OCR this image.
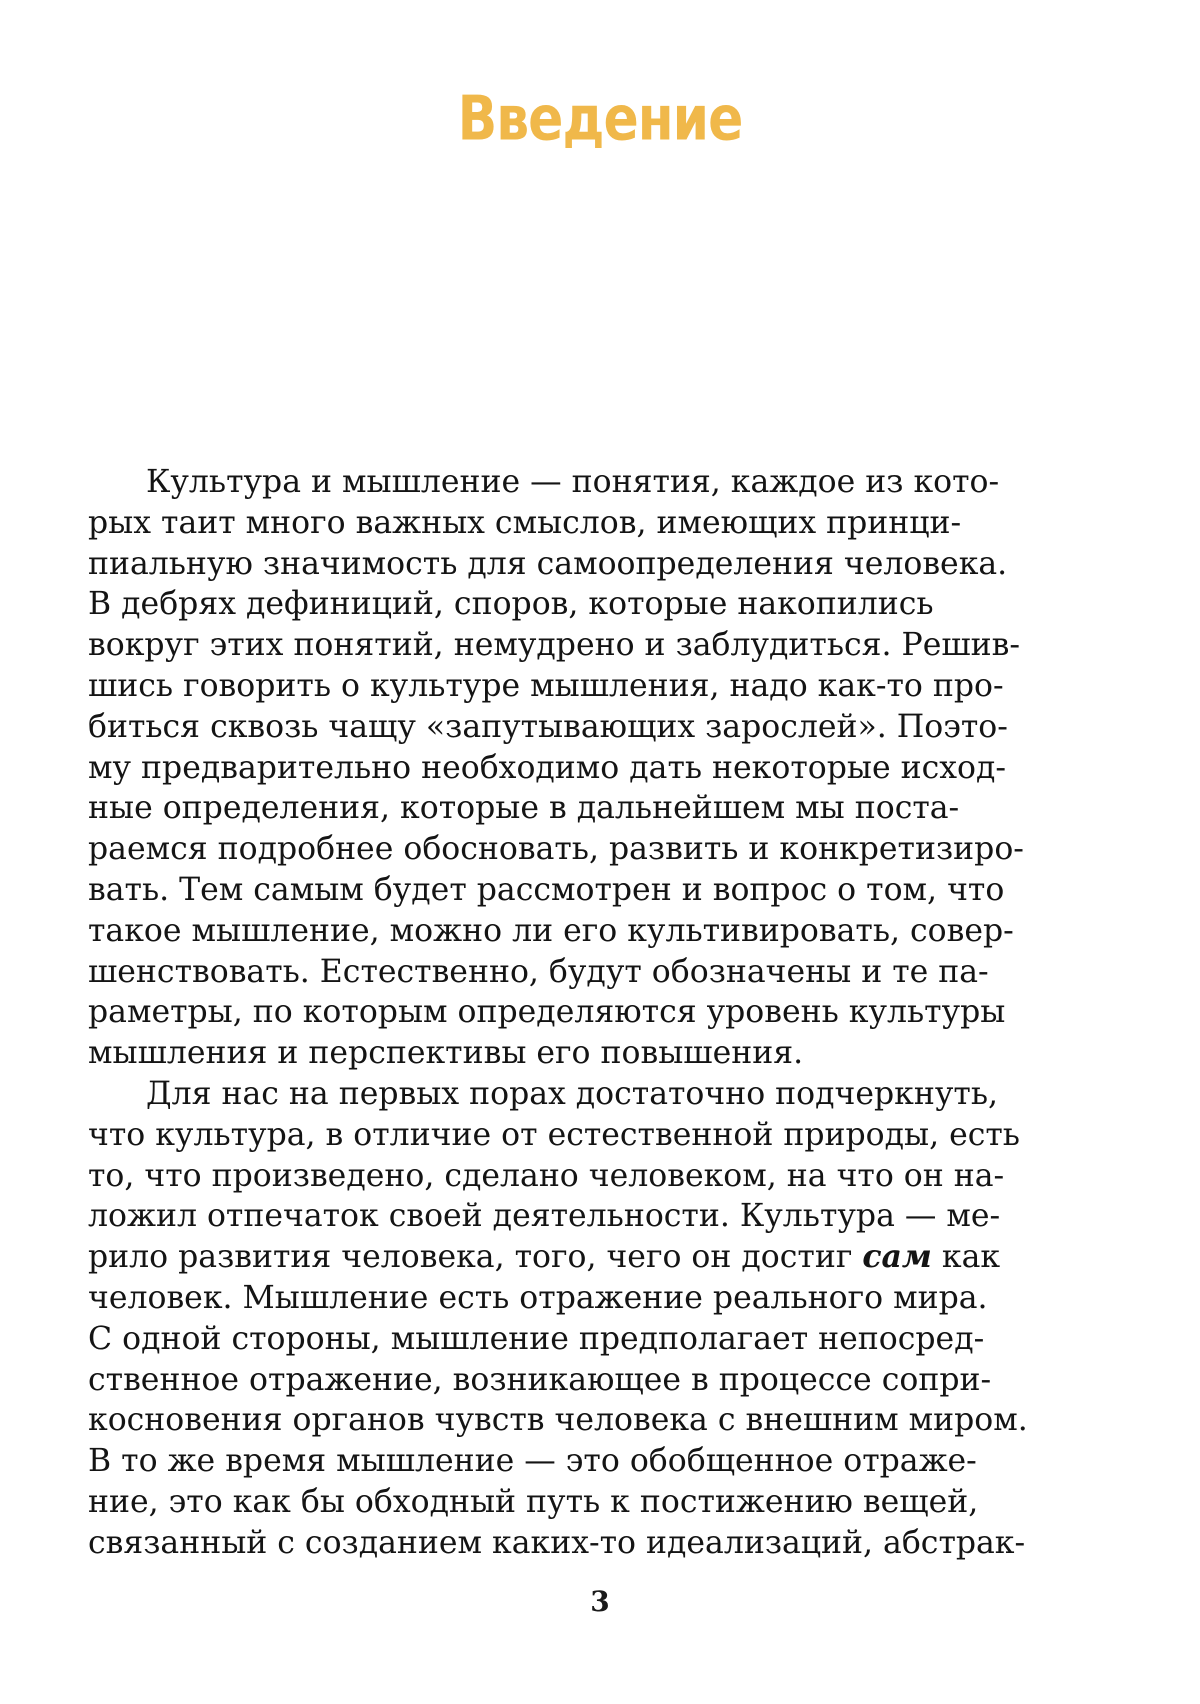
Введение
Культура и мышление — понятия, каждое из кото-
рых таит много важных смыслов, имеющих принци-
пиальную значимость для самоопределения человека.
В дебрях дефиниций, споров, которые накопились
вокруг этих понятий, немудрено и заблудиться. Решив-
шись говорить о культуре мышления, надо как-то про-
биться сквозь чащу «запутывающих зарослей». Поэто-
му предварительно необходимо дать некоторые исход-
ные определения, которые в дальнейшем мы поста-
раемся подробнее обосновать, развить и конкретизиро-
вать. Тем самым будет рассмотрен и вопрос о том, что
такое мышление, можно ли его культивировать, совер-
шенствовать. Естественно, будут обозначены и те па-
раметры, по которым определяются уровень культуры
мышления и перспективы его повышения.
Для нас на первых порах достаточно подчеркнуть,
что культура, в отличие от естественной природы, есть
то, что произведено, сделано человеком, на что он на-
ложил отпечаток своей деятельности. Культура — ме-
рило развития человека, того, чего он достиг сам как
человек. Мышление есть отражение реального мира.
С одной стороны, мышление предполагает непосред-
ственное отражение, возникающее в процессе сопри-
косновения органов чувств человека с внешним миром.
В то же время мышление — это обобщенное отраже-
ние, это как бы обходный путь к постижению вещей,
связанный с созданием каких-то идеализаций, абстрак-
3
